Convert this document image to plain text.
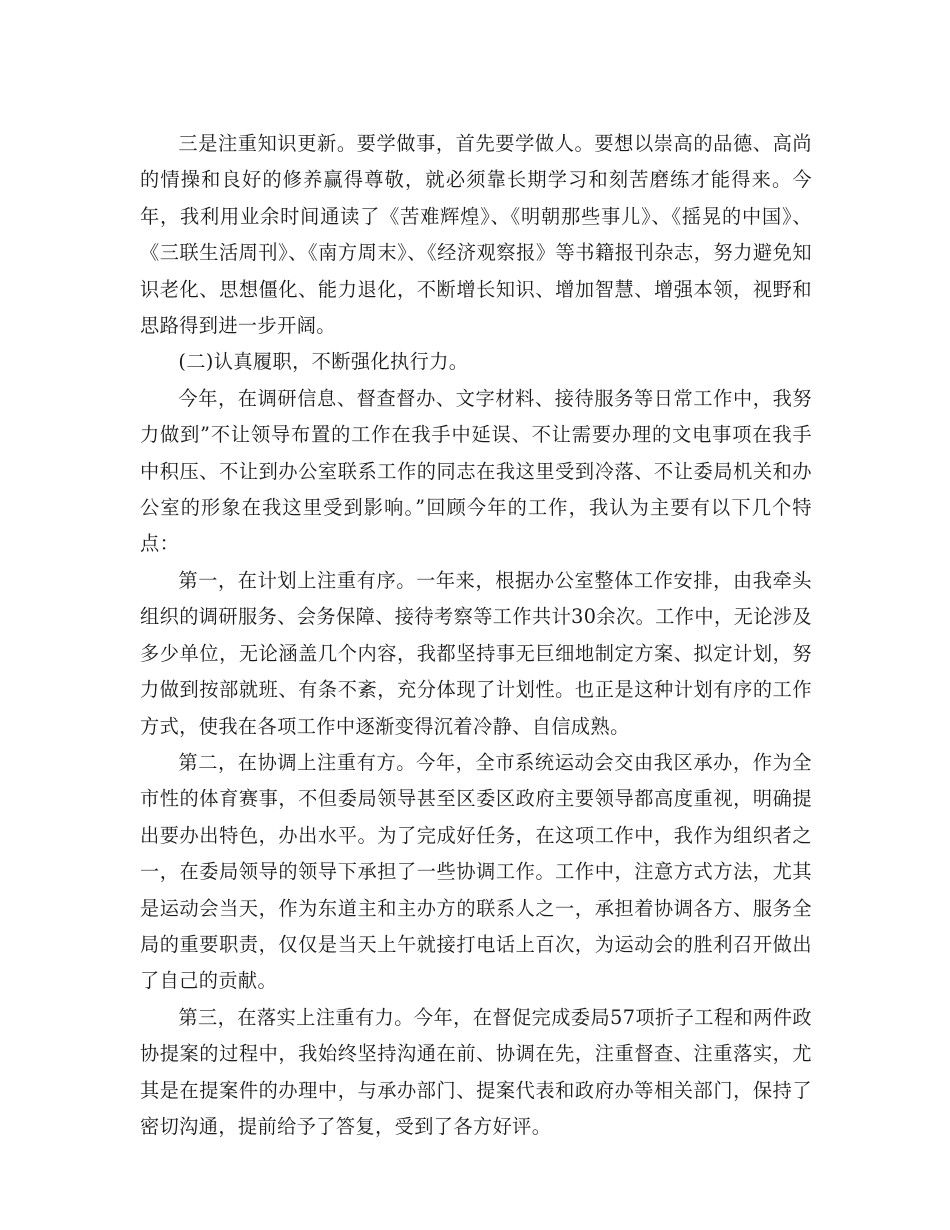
三是注重知识更新。要学做事，首先要学做人。要想以崇高的品德、高尚的情操和良好的修养赢得尊敬，就必须靠长期学习和刻苦磨练才能得来。今年，我利用业余时间通读了《苦难辉煌》、《明朝那些事儿》、《摇晃的中国》、《三联生活周刊》、《南方周末》、《经济观察报》等书籍报刊杂志，努力避免知识老化、思想僵化、能力退化，不断增长知识、增加智慧、增强本领，视野和思路得到进一步开阔。

(二)认真履职，不断强化执行力。

今年，在调研信息、督查督办、文字材料、接待服务等日常工作中，我努力做到”不让领导布置的工作在我手中延误、不让需要办理的文电事项在我手中积压、不让到办公室联系工作的同志在我这里受到冷落、不让委局机关和办公室的形象在我这里受到影响。”回顾今年的工作，我认为主要有以下几个特点：

第一，在计划上注重有序。一年来，根据办公室整体工作安排，由我牵头组织的调研服务、会务保障、接待考察等工作共计30余次。工作中，无论涉及多少单位，无论涵盖几个内容，我都坚持事无巨细地制定方案、拟定计划，努力做到按部就班、有条不紊，充分体现了计划性。也正是这种计划有序的工作方式，使我在各项工作中逐渐变得沉着冷静、自信成熟。

第二，在协调上注重有方。今年，全市系统运动会交由我区承办，作为全市性的体育赛事，不但委局领导甚至区委区政府主要领导都高度重视，明确提出要办出特色，办出水平。为了完成好任务，在这项工作中，我作为组织者之一，在委局领导的领导下承担了一些协调工作。工作中，注意方式方法，尤其是运动会当天，作为东道主和主办方的联系人之一，承担着协调各方、服务全局的重要职责，仅仅是当天上午就接打电话上百次，为运动会的胜利召开做出了自己的贡献。

第三，在落实上注重有力。今年，在督促完成委局57项折子工程和两件政协提案的过程中，我始终坚持沟通在前、协调在先，注重督查、注重落实，尤其是在提案件的办理中，与承办部门、提案代表和政府办等相关部门，保持了密切沟通，提前给予了答复，受到了各方好评。
